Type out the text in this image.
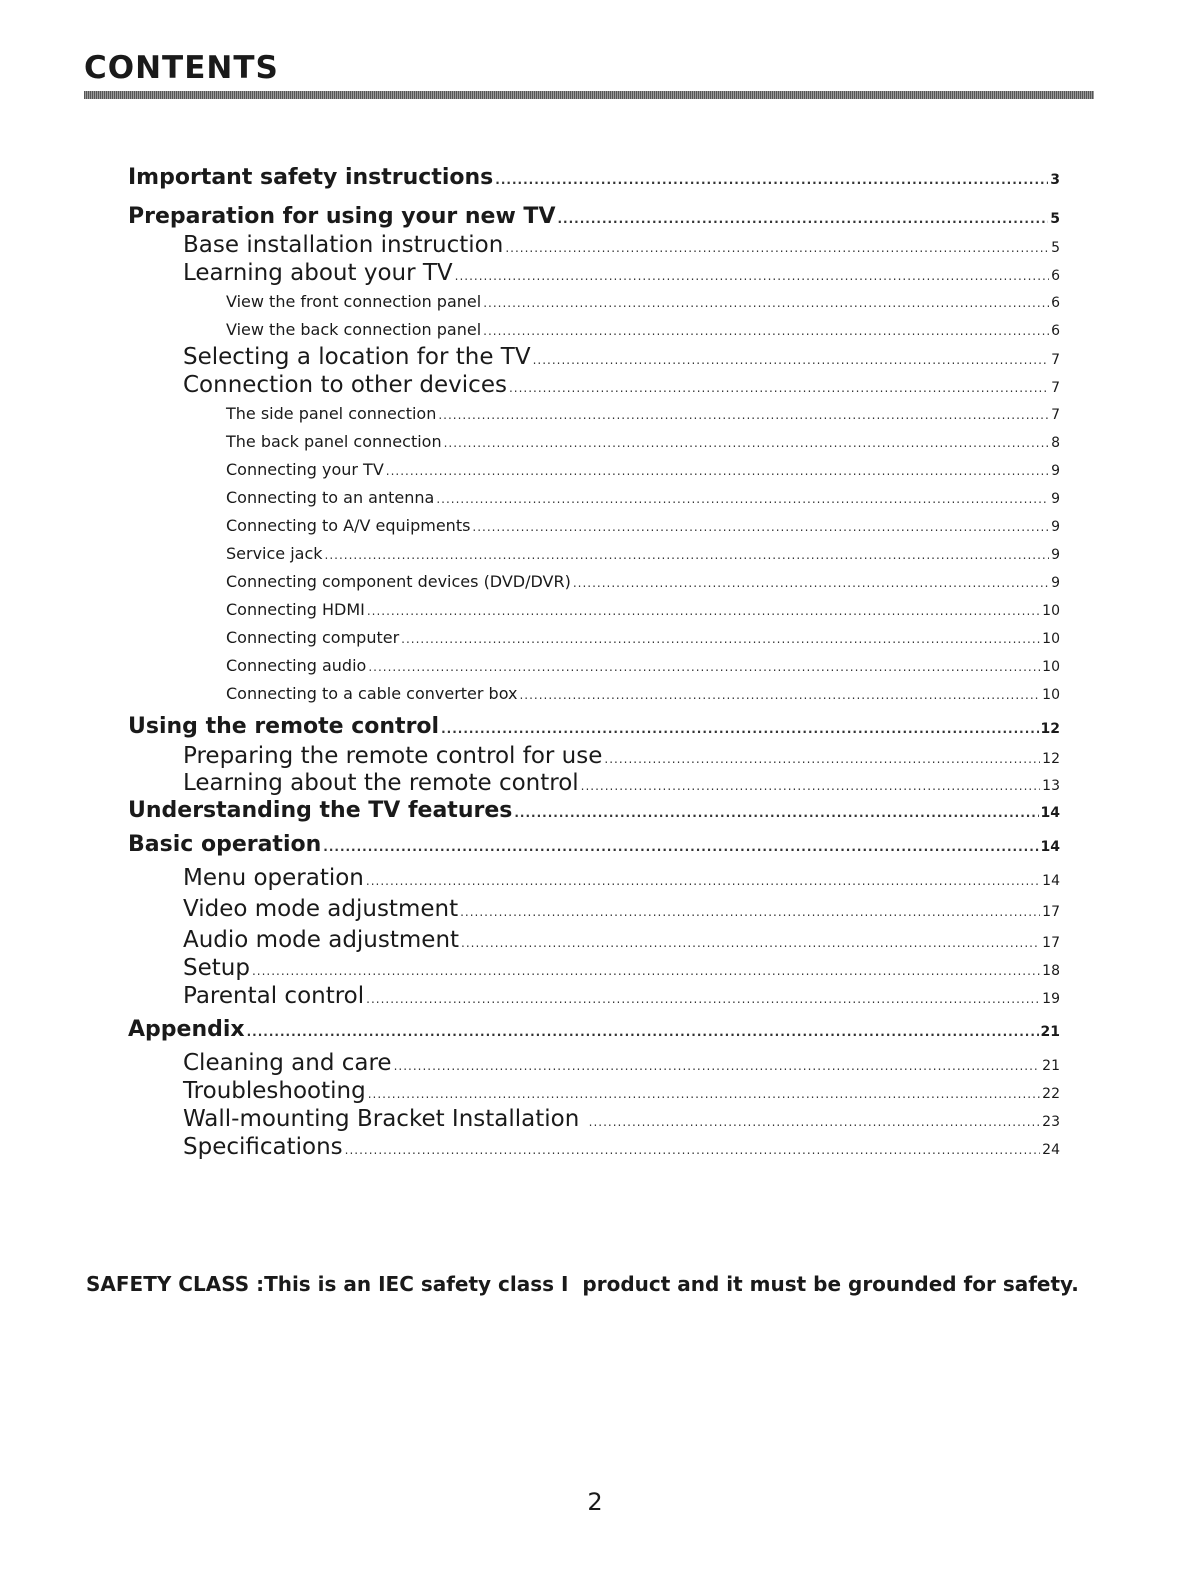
CONTENTS
Important safety instructions .....	3
Preparation for using your new TV .....	5
Base installation instruction .....	5
Learning about your TV .....	6
View the front connection panel .....	6
View the back connection panel .....	6
Selecting a location for the TV .....	7
Connection to other devices .....	7
The side panel connection .....	7
The back panel connection .....	8
Connecting your TV .....	9
Connecting to an antenna .....	9
Connecting to A/V equipments .....	9
Service jack .....	9
Connecting component devices (DVD/DVR) .....	9
Connecting HDMI .....	10
Connecting computer .....	10
Connecting audio .....	10
Connecting to a cable converter box .....	10
Using the remote control .....	12
Preparing the remote control for use .....	12
Learning about the remote control .....	13
Understanding the TV features .....	14
Basic operation .....	14
Menu operation .....	14
Video mode adjustment .....	17
Audio mode adjustment .....	17
Setup .....	18
Parental control .....	19
Appendix .....	21
Cleaning and care .....	21
Troubleshooting .....	22
Wall-mounting Bracket Installation .....	23
Specifications .....	24

SAFETY CLASS :This is an IEC safety class I  product and it must be grounded for safety.

2
